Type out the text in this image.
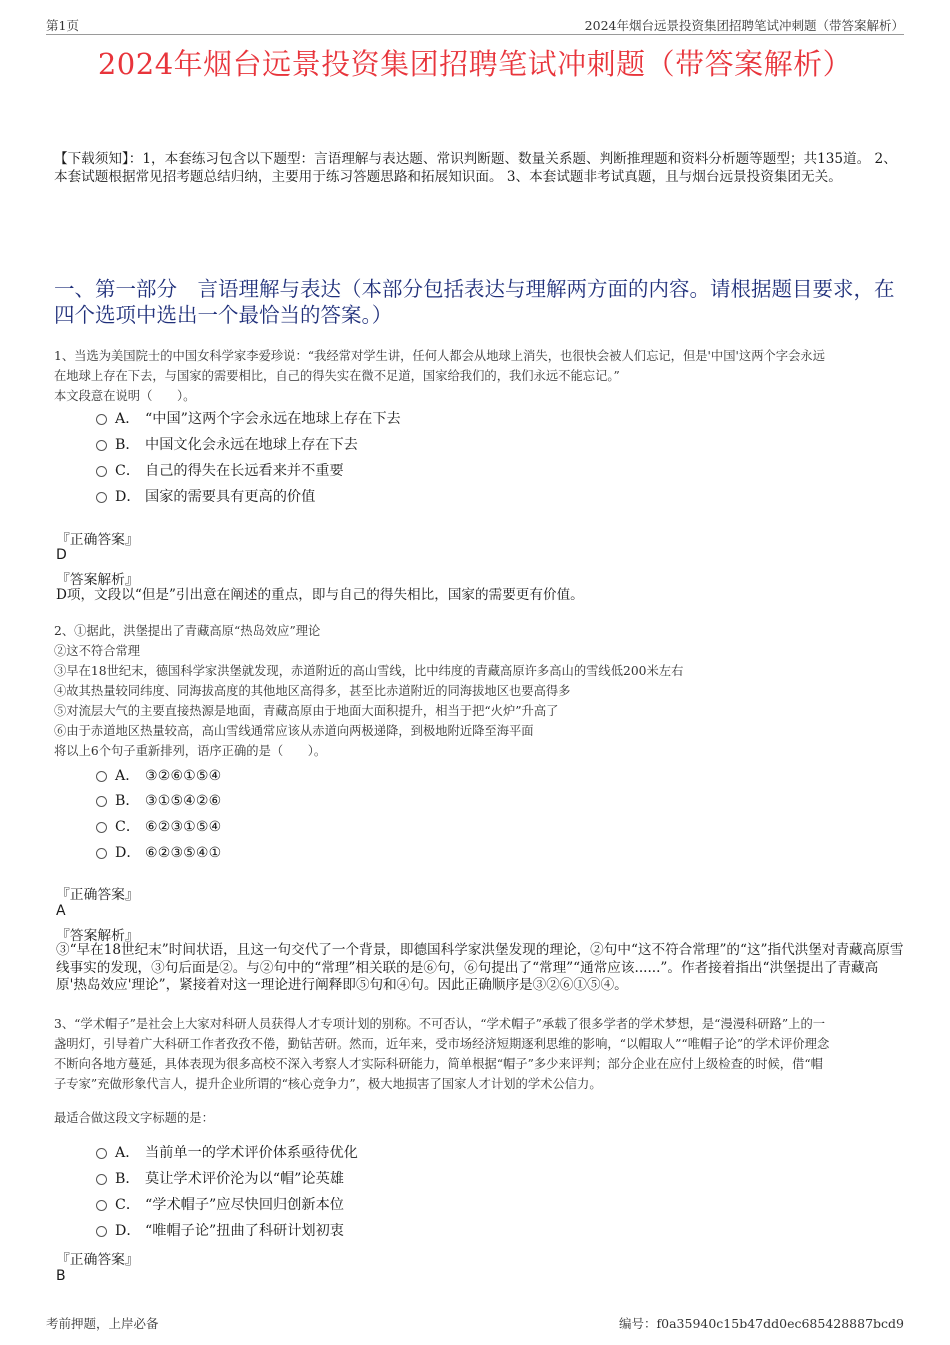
第1页	2024年烟台远景投资集团招聘笔试冲刺题（带答案解析）
2024年烟台远景投资集团招聘笔试冲刺题（带答案解析）
【下载须知】：1，本套练习包含以下题型：言语理解与表达题、常识判断题、数量关系题、判断推理题和资料分析题等题型；共135道。 2、本套试题根据常见招考题总结归纳，主要用于练习答题思路和拓展知识面。 3、本套试题非考试真题，且与烟台远景投资集团无关。
一、第一部分　言语理解与表达（本部分包括表达与理解两方面的内容。请根据题目要求，在四个选项中选出一个最恰当的答案。）
1、当选为美国院士的中国女科学家李爱珍说：“我经常对学生讲，任何人都会从地球上消失，也很快会被人们忘记，但是'中国'这两个字会永远
在地球上存在下去，与国家的需要相比，自己的得失实在微不足道，国家给我们的，我们永远不能忘记。”
本文段意在说明（　　）。
A． “中国”这两个字会永远在地球上存在下去
B． 中国文化会永远在地球上存在下去
C． 自己的得失在长远看来并不重要
D． 国家的需要具有更高的价值
『正确答案』
D
『答案解析』
D项，文段以“但是”引出意在阐述的重点，即与自己的得失相比，国家的需要更有价值。
2、①据此，洪堡提出了青藏高原“热岛效应”理论
②这不符合常理
③早在18世纪末，德国科学家洪堡就发现，赤道附近的高山雪线，比中纬度的青藏高原许多高山的雪线低200米左右
④故其热量较同纬度、同海拔高度的其他地区高得多，甚至比赤道附近的同海拔地区也要高得多
⑤对流层大气的主要直接热源是地面，青藏高原由于地面大面积提升，相当于把“火炉”升高了
⑥由于赤道地区热量较高，高山雪线通常应该从赤道向两极递降，到极地附近降至海平面
将以上6个句子重新排列，语序正确的是（　　）。
A． ③②⑥①⑤④
B． ③①⑤④②⑥
C． ⑥②③①⑤④
D． ⑥②③⑤④①
『正确答案』
A
『答案解析』
③“早在18世纪末”时间状语，且这一句交代了一个背景，即德国科学家洪堡发现的理论，②句中“这不符合常理”的“这”指代洪堡对青藏高原雪线事实的发现，③句后面是②。与②句中的“常理”相关联的是⑥句，⑥句提出了“常理”“通常应该......”。作者接着指出“洪堡提出了青藏高原'热岛效应'理论”，紧接着对这一理论进行阐释即⑤句和④句。因此正确顺序是③②⑥①⑤④。
3、“学术帽子”是社会上大家对科研人员获得人才专项计划的别称。不可否认，“学术帽子”承载了很多学者的学术梦想，是“漫漫科研路”上的一
盏明灯，引导着广大科研工作者孜孜不倦，勤钻苦研。然而，近年来，受市场经济短期逐利思维的影响，“以帽取人”“唯帽子论”的学术评价理念
不断向各地方蔓延，具体表现为很多高校不深入考察人才实际科研能力，简单根据“帽子”多少来评判；部分企业在应付上级检查的时候，借“帽
子专家”充做形象代言人，提升企业所谓的“核心竞争力”，极大地损害了国家人才计划的学术公信力。
最适合做这段文字标题的是：
A． 当前单一的学术评价体系亟待优化
B． 莫让学术评价沦为以“帽”论英雄
C． “学术帽子”应尽快回归创新本位
D． “唯帽子论”扭曲了科研计划初衷
『正确答案』
B
考前押题，上岸必备	编号：f0a35940c15b47dd0ec685428887bcd9
